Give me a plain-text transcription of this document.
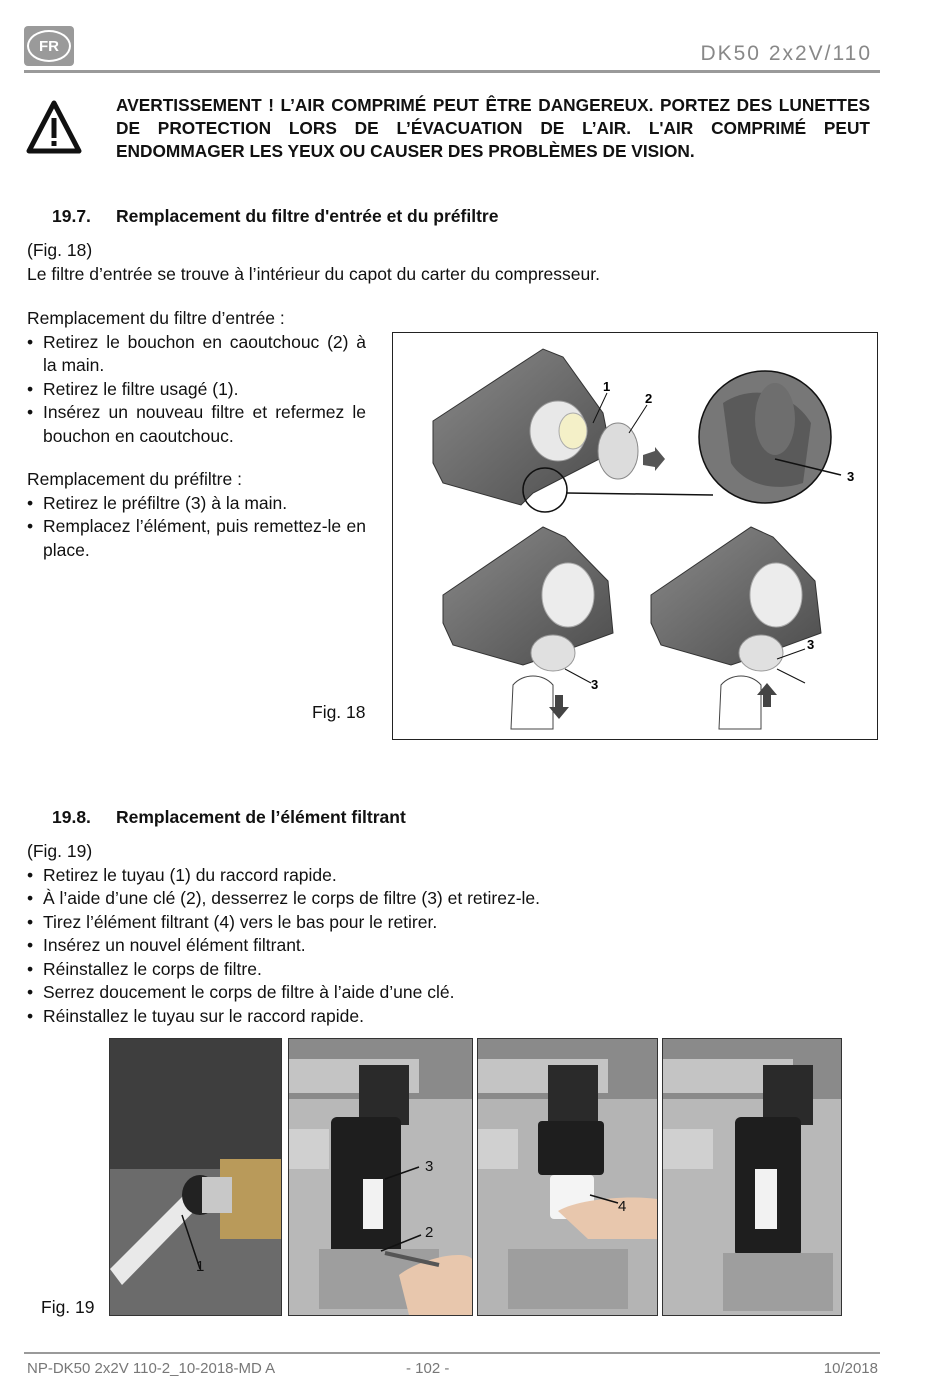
FR	DK50 2x2V/110
AVERTISSEMENT ! L’AIR COMPRIMÉ PEUT ÊTRE DANGEREUX. PORTEZ DES LUNETTES DE PROTECTION LORS DE L’ÉVACUATION DE L’AIR. L'AIR COMPRIMÉ PEUT ENDOMMAGER LES YEUX OU CAUSER DES PROBLÈMES DE VISION.
19.7. Remplacement du filtre d'entrée et du préfiltre
(Fig. 18)
Le filtre d’entrée se trouve à l’intérieur du capot du carter du compresseur.
Remplacement du filtre d’entrée :
• Retirez le bouchon en caoutchouc (2) à la main.
• Retirez le filtre usagé (1).
• Insérez un nouveau filtre et refermez le bouchon en caoutchouc.
Remplacement du préfiltre :
• Retirez le préfiltre (3) à la main.
• Remplacez l’élément, puis remettez-le en place.
Fig. 18
1
2
3
3
3
19.8. Remplacement de l’élément filtrant
(Fig. 19)
• Retirez le tuyau (1) du raccord rapide.
• À l’aide d’une clé (2), desserrez le corps de filtre (3) et retirez-le.
• Tirez l’élément filtrant (4) vers le bas pour le retirer.
• Insérez un nouvel élément filtrant.
• Réinstallez le corps de filtre.
• Serrez doucement le corps de filtre à l’aide d’une clé.
• Réinstallez le tuyau sur le raccord rapide.
Fig. 19
1
3
2
4
NP-DK50 2x2V 110-2_10-2018-MD A	- 102 -	10/2018
